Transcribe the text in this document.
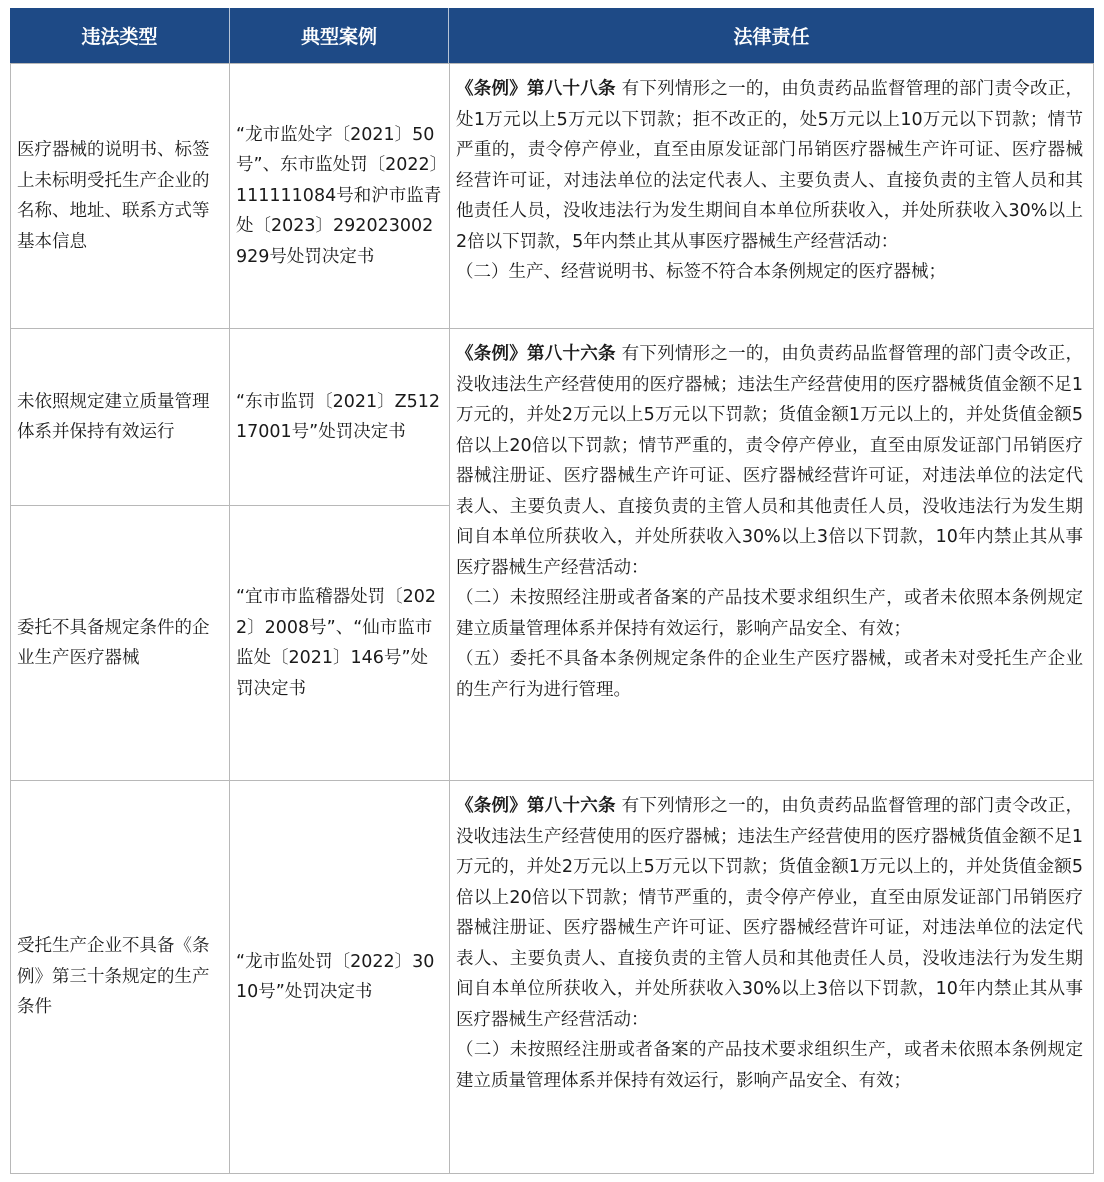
违法类型	典型案例	法律责任
医疗器械的说明书、标签上未标明受托生产企业的名称、地址、联系方式等基本信息
未依照规定建立质量管理体系并保持有效运行
委托不具备规定条件的企业生产医疗器械
受托生产企业不具备《条例》第三十条规定的生产条件
“龙市监处字〔2021〕50号”、东市监处罚〔2022〕111111084号和沪市监青处〔2023〕292023002929号处罚决定书
“东市监罚〔2021〕Z51217001号”处罚决定书
“宜市市监稽器处罚〔2022〕2008号”、“仙市监市监处〔2021〕146号”处罚决定书
“龙市监处罚〔2022〕3010号”处罚决定书
《条例》第八十八条 有下列情形之一的，由负责药品监督管理的部门责令改正，处1万元以上5万元以下罚款；拒不改正的，处5万元以上10万元以下罚款；情节严重的，责令停产停业，直至由原发证部门吊销医疗器械生产许可证、医疗器械经营许可证，对违法单位的法定代表人、主要负责人、直接负责的主管人员和其他责任人员，没收违法行为发生期间自本单位所获收入，并处所获收入30%以上2倍以下罚款，5年内禁止其从事医疗器械生产经营活动：
（二）生产、经营说明书、标签不符合本条例规定的医疗器械；
《条例》第八十六条 有下列情形之一的，由负责药品监督管理的部门责令改正，没收违法生产经营使用的医疗器械；违法生产经营使用的医疗器械货值金额不足1万元的，并处2万元以上5万元以下罚款；货值金额1万元以上的，并处货值金额5倍以上20倍以下罚款；情节严重的，责令停产停业，直至由原发证部门吊销医疗器械注册证、医疗器械生产许可证、医疗器械经营许可证，对违法单位的法定代表人、主要负责人、直接负责的主管人员和其他责任人员，没收违法行为发生期间自本单位所获收入，并处所获收入30%以上3倍以下罚款，10年内禁止其从事医疗器械生产经营活动：
（二）未按照经注册或者备案的产品技术要求组织生产，或者未依照本条例规定建立质量管理体系并保持有效运行，影响产品安全、有效；
（五）委托不具备本条例规定条件的企业生产医疗器械，或者未对受托生产企业的生产行为进行管理。
《条例》第八十六条 有下列情形之一的，由负责药品监督管理的部门责令改正，没收违法生产经营使用的医疗器械；违法生产经营使用的医疗器械货值金额不足1万元的，并处2万元以上5万元以下罚款；货值金额1万元以上的，并处货值金额5倍以上20倍以下罚款；情节严重的，责令停产停业，直至由原发证部门吊销医疗器械注册证、医疗器械生产许可证、医疗器械经营许可证，对违法单位的法定代表人、主要负责人、直接负责的主管人员和其他责任人员，没收违法行为发生期间自本单位所获收入，并处所获收入30%以上3倍以下罚款，10年内禁止其从事医疗器械生产经营活动：
（二）未按照经注册或者备案的产品技术要求组织生产，或者未依照本条例规定建立质量管理体系并保持有效运行，影响产品安全、有效；
